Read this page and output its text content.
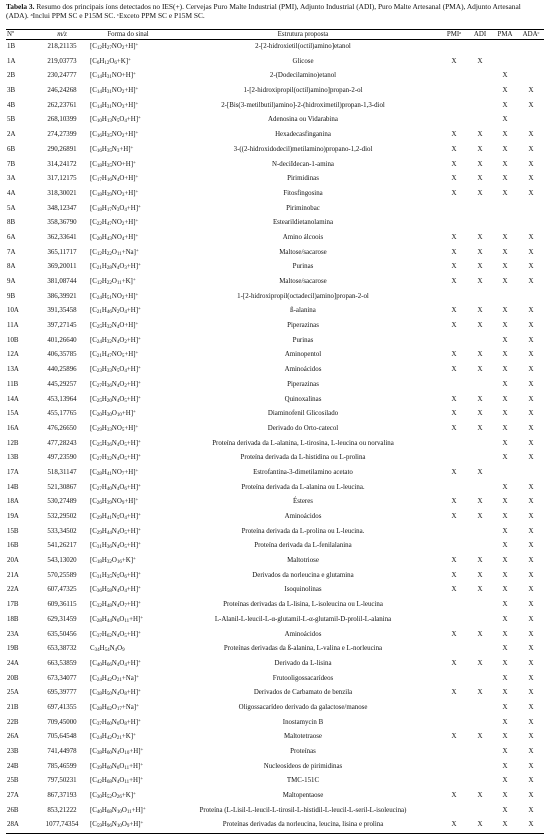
Tabela 3. Resumo dos principais íons detectados no IES(+). Cervejas Puro Malte Industrial (PMI), Adjunto Industrial (ADI), Puro Malte Artesanal (PMA), Adjunto Artesanal (ADA). ᵃInclui PPM SC e P15M SC. ᶜExceto PPM SC e P15M SC.
Nº	m/z	Forma do sinal	Estrutura proposta	PMIᵃ	ADI	PMA	ADAᶜ
1B	218,21135	$[C_{12}H_{27}NO_2+H]^+$	2-[2-hidroxietil(octil)amino]etanol				
1A	219,03773	$[C_6H_{12}O_6+K]^+$	Glicose	X	X		
2B	230,24777	$[C_{14}H_{31}NO+H]^+$	2-(Dodecilamino)etanol			X	
3B	246,24268	$[C_{14}H_{31}NO_2+H]^+$	1-[2-hidroxipropil(octil)amino]propan-2-ol			X	X
4B	262,23761	$[C_{14}H_{31}NO_3+H]^+$	2-[Bis(3-metilbutil)amino]-2-(hidroximetil)propan-1,3-diol			X	X
5B	268,10399	$[C_{10}H_{13}N_5O_4+H]^+$	Adenosina ou Vidarabina			X	
2A	274,27399	$[C_{16}H_{35}NO_2+H]^+$	Hexadecasfinganina	X	X	X	X
6B	290,26891	$[C_{16}H_{35}N_3+H]^+$	3-((2-hidroxidodecil)metilamino)propano-1,2-diol	X	X	X	X
7B	314,24172	$[C_{18}H_{35}NO+H]^+$	N-deciIdecan-1-amina	X	X	X	X
3A	317,12175	$[C_{17}H_{16}N_4O+H]^+$	Pirimidinas	X	X	X	X
4A	318,30021	$[C_{18}H_{39}NO_3+H]^+$	Fitosfingosina	X	X	X	X
5A	348,12347	$[C_{18}H_{17}N_3O_4+H]^+$	Piriminobac				
8B	358,36790	$[C_{22}H_{47}NO_2+H]^+$	Estearildietanolamina				
6A	362,33641	$[C_{20}H_{43}NO_4+H]^+$	Amino álcoois	X	X	X	X
7A	365,11717	$[C_{12}H_{22}O_{11}+Na]^+$	Maltose/sacarose	X	X	X	X
8A	369,20011	$[C_{21}H_{28}N_4O_3+H]^+$	Purinas	X	X	X	X
9A	381,08744	$[C_{12}H_{22}O_{11}+K]^+$	Maltose/sacarose	X	X	X	X
9B	386,39921	$[C_{24}H_{51}NO_2+H]^+$	1-[2-hidroxipropil(octadecil)amino]propan-2-ol				
10A	391,35458	$[C_{21}H_{46}N_2O_4+H]^+$	ß-alanina	X	X	X	X
11A	397,27145	$[C_{25}H_{32}N_4O+H]^+$	Piperazinas	X	X	X	X
10B	401,26640	$[C_{24}H_{32}N_4O_2+H]^+$	Purinas			X	X
12A	406,35785	$[C_{21}H_{47}NO_5+H]^+$	Aminopentol	X	X	X	X
13A	440,25896	$[C_{23}H_{33}N_5O_4+H]^+$	Aminoácidos	X	X	X	X
11B	445,29257	$[C_{27}H_{36}N_4O_2+H]^+$	Piperazinas			X	X
14A	453,13964	$[C_{25}H_{20}N_4O_5+H]^+$	Quinoxalinas	X	X	X	X
15A	455,17765	$[C_{20}H_{30}O_{10}+H]^+$	Diaminofenil Glicosilado	X	X	X	X
16A	476,26650	$[C_{29}H_{33}NO_5+H]^+$	Derivado do Orto-catecol	X	X	X	X
12B	477,28243	$[C_{25}H_{36}N_4O_5+H]^+$	Proteína derivada da L-alanina, L-tirosina, L-leucina ou norvalina			X	X
13B	497,23590	$[C_{27}H_{32}N_4O_5+H]^+$	Proteína derivada da L-histidina ou L-prolina			X	X
17A	518,31147	$[C_{28}H_{41}NO_7+H]^+$	Estrofantina-3-dimetilamino acetato	X	X		
14B	521,30867	$[C_{27}H_{40}N_4O_6+H]^+$	Proteína derivada da L-alanina ou L-leucina.			X	X
18A	530,27489	$[C_{26}H_{39}NO_9+H]^+$	Ésteres	X	X	X	X
19A	532,29502	$[C_{29}H_{41}N_5O_4+H]^+$	Aminoácidos	X	X	X	X
15B	533,34502	$[C_{29}H_{44}N_4O_5+H]^+$	Proteína derivada da L-prolina ou L-leucina.			X	X
16B	541,26217	$[C_{31}H_{36}N_4O_5+H]^+$	Proteína derivada da L-fenilalanina			X	X
20A	543,13020	$[C_{18}H_{32}O_{16}+K]^+$	Maltotriose	X	X	X	X
21A	570,25589	$[C_{31}H_{35}N_5O_6+H]^+$	Derivados da norleucina e glutamina	X	X	X	X
22A	607,47325	$[C_{36}H_{58}N_4O_4+H]^+$	Isoquinolinas	X	X	X	X
17B	609,36115	$[C_{32}H_{48}N_4O_7+H]^+$	Proteínas derivadas da L-lisina, L-isoleucina ou L-leucina			X	X
18B	629,31459	$[C_{28}H_{44}N_6O_{11}+H]^+$	L-Alanil-L-leucil-L-α-glutamil-L-α-glutamil-D-prolil-L-alanina			X	X
23A	635,50456	$[C_{37}H_{62}N_4O_5+H]^+$	Aminoácidos	X	X	X	X
19B	653,38732	$C_{34}H_{54}N_4O_9$	Proteínas derivadas da ß-alanina, L-valina e L-norleucina			X	X
24A	663,53859	$[C_{40}H_{66}N_4O_4+H]^+$	Derivado da L-lisina	X	X	X	X
20B	673,34077	$[C_{24}H_{42}O_{21}+Na]^+$	Frutooligossacarídeos			X	X
25A	695,39777	$[C_{38}H_{50}N_4O_8+H]^+$	Derivados de Carbamato de benzila	X	X	X	X
21B	697,41355	$[C_{28}H_{62}O_{17}+Na]^+$	Oligossacarídeo derivado da galactose/manose			X	X
22B	709,45000	$[C_{37}H_{60}N_6O_8+H]^+$	Inostamycin B			X	X
26A	705,64548	$[C_{24}H_{42}O_{21}+K]^+$	Maltotetraose	X	X	X	X
23B	741,44978	$[C_{38}H_{60}N_4O_{10}+H]^+$	Proteínas			X	X
24B	785,46599	$[C_{39}H_{60}N_6O_{11}+H]^+$	Nucleosídeos de pirimidinas			X	X
25B	797,50231	$[C_{42}H_{68}N_4O_{11}+H]^+$	TMC-151C			X	X
27A	867,37193	$[C_{30}H_{52}O_{26}+K]^+$	Maltopentaose	X	X	X	X
26B	853,21222	$[C_{40}H_{68}N_{10}O_{11}+H]^+$	Proteína (L-Lisil-L-leucil-L-tirosil-L-histidil-L-leucil-L-seril-L-isoleucina)			X	X
28A	1077,74354	$[C_{59}H_{96}N_{10}O_9+H]^+$	Proteínas derivadas da norleucina, leucina, lisina e prolina	X	X	X	X
